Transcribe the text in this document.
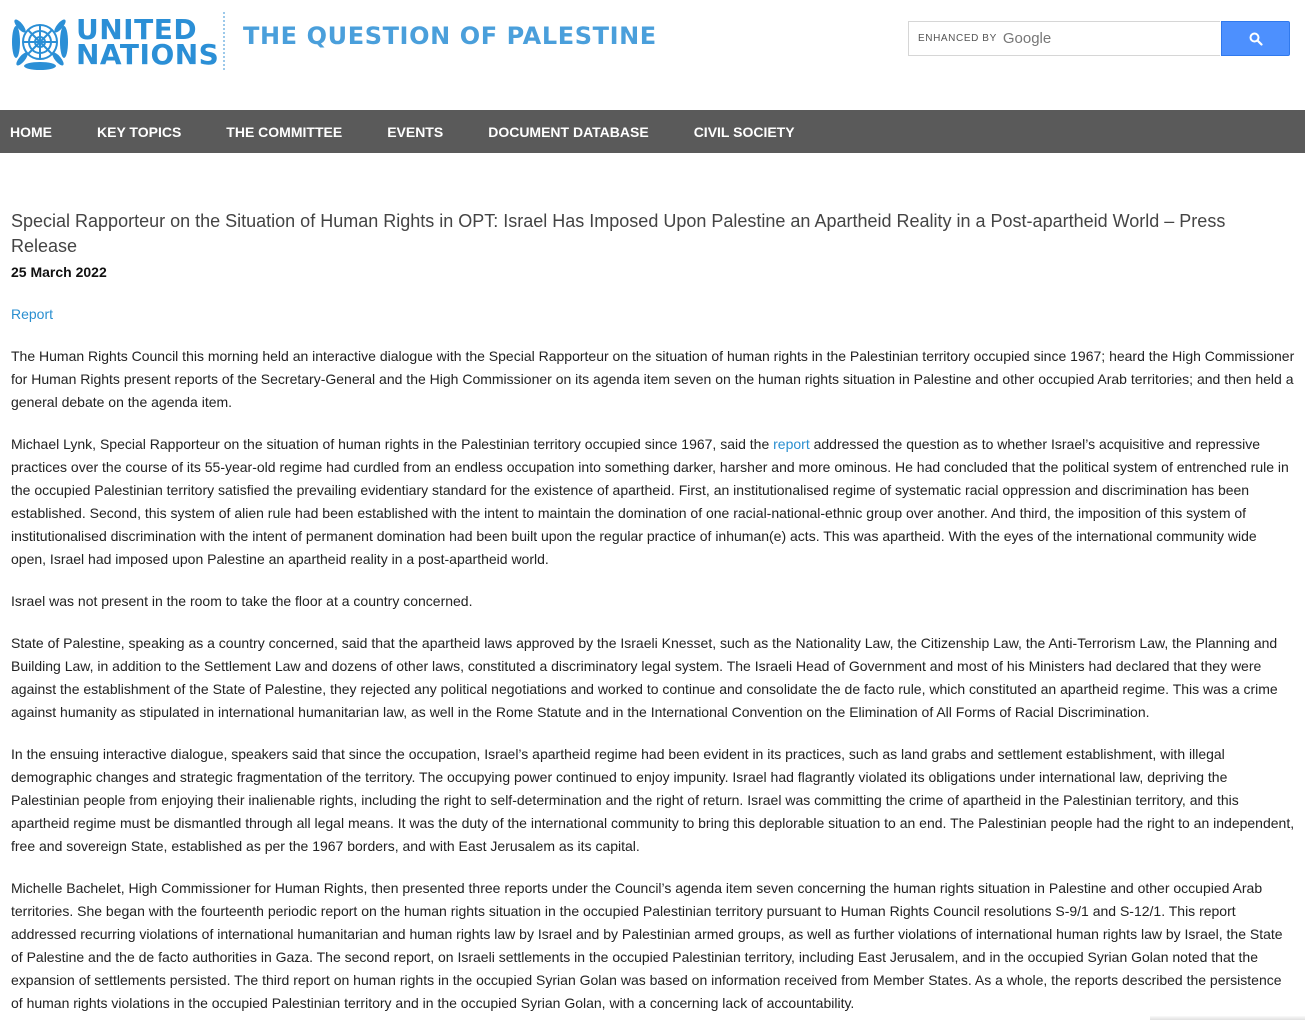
UNITED
NATIONS
THE QUESTION OF PALESTINE	ENHANCED BY Google
HOME	KEY TOPICS	THE COMMITTEE	EVENTS	DOCUMENT DATABASE	CIVIL SOCIETY
Special Rapporteur on the Situation of Human Rights in OPT: Israel Has Imposed Upon Palestine an Apartheid Reality in a Post-apartheid World – Press Release
25 March 2022
Report

The Human Rights Council this morning held an interactive dialogue with the Special Rapporteur on the situation of human rights in the Palestinian territory occupied since 1967; heard the High Commissioner for Human Rights present reports of the Secretary-General and the High Commissioner on its agenda item seven on the human rights situation in Palestine and other occupied Arab territories; and then held a general debate on the agenda item.

Michael Lynk, Special Rapporteur on the situation of human rights in the Palestinian territory occupied since 1967, said the report addressed the question as to whether Israel’s acquisitive and repressive practices over the course of its 55-year-old regime had curdled from an endless occupation into something darker, harsher and more ominous. He had concluded that the political system of entrenched rule in the occupied Palestinian territory satisfied the prevailing evidentiary standard for the existence of apartheid. First, an institutionalised regime of systematic racial oppression and discrimination has been established. Second, this system of alien rule had been established with the intent to maintain the domination of one racial-national-ethnic group over another. And third, the imposition of this system of institutionalised discrimination with the intent of permanent domination had been built upon the regular practice of inhuman(e) acts. This was apartheid. With the eyes of the international community wide open, Israel had imposed upon Palestine an apartheid reality in a post-apartheid world.

Israel was not present in the room to take the floor at a country concerned.

State of Palestine, speaking as a country concerned, said that the apartheid laws approved by the Israeli Knesset, such as the Nationality Law, the Citizenship Law, the Anti-Terrorism Law, the Planning and Building Law, in addition to the Settlement Law and dozens of other laws, constituted a discriminatory legal system. The Israeli Head of Government and most of his Ministers had declared that they were against the establishment of the State of Palestine, they rejected any political negotiations and worked to continue and consolidate the de facto rule, which constituted an apartheid regime. This was a crime against humanity as stipulated in international humanitarian law, as well in the Rome Statute and in the International Convention on the Elimination of All Forms of Racial Discrimination.

In the ensuing interactive dialogue, speakers said that since the occupation, Israel’s apartheid regime had been evident in its practices, such as land grabs and settlement establishment, with illegal demographic changes and strategic fragmentation of the territory. The occupying power continued to enjoy impunity. Israel had flagrantly violated its obligations under international law, depriving the Palestinian people from enjoying their inalienable rights, including the right to self-determination and the right of return. Israel was committing the crime of apartheid in the Palestinian territory, and this apartheid regime must be dismantled through all legal means. It was the duty of the international community to bring this deplorable situation to an end. The Palestinian people had the right to an independent, free and sovereign State, established as per the 1967 borders, and with East Jerusalem as its capital.

Michelle Bachelet, High Commissioner for Human Rights, then presented three reports under the Council’s agenda item seven concerning the human rights situation in Palestine and other occupied Arab territories. She began with the fourteenth periodic report on the human rights situation in the occupied Palestinian territory pursuant to Human Rights Council resolutions S-9/1 and S-12/1. This report addressed recurring violations of international humanitarian and human rights law by Israel and by Palestinian armed groups, as well as further violations of international human rights law by Israel, the State of Palestine and the de facto authorities in Gaza. The second report, on Israeli settlements in the occupied Palestinian territory, including East Jerusalem, and in the occupied Syrian Golan noted that the expansion of settlements persisted. The third report on human rights in the occupied Syrian Golan was based on information received from Member States. As a whole, the reports described the persistence of human rights violations in the occupied Palestinian territory and in the occupied Syrian Golan, with a concerning lack of accountability.
